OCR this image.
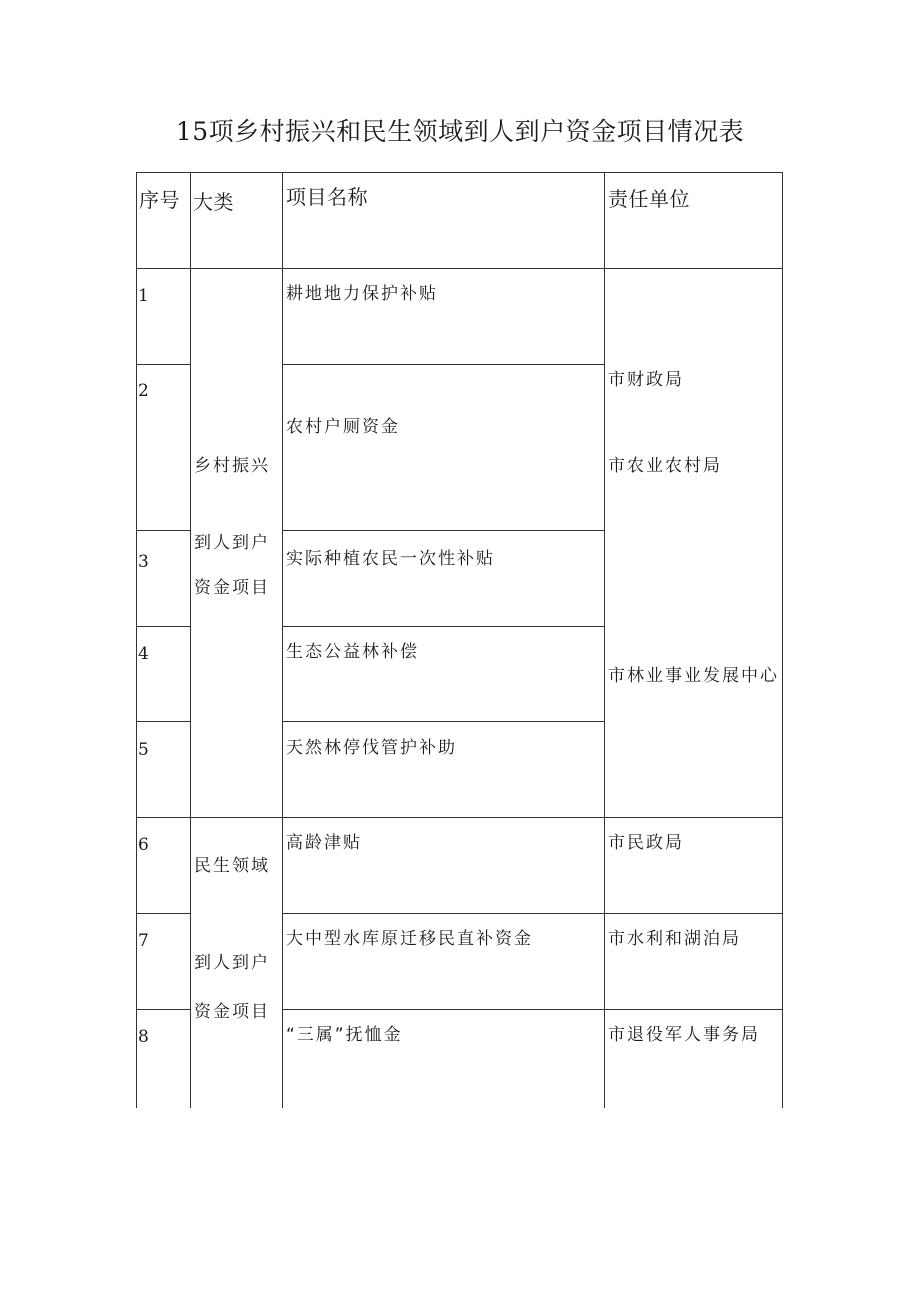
15项乡村振兴和民生领域到人到户资金项目情况表
序号 大类	项目名称	责任单位
1
2
3
4
5
6
7
8
乡村振兴
到人到户
资金项目
民生领域
到人到户
资金项目
耕地地力保护补贴
农村户厕资金
实际种植农民一次性补贴
生态公益林补偿
天然林停伐管护补助
高龄津贴
大中型水库原迁移民直补资金
“三属”抚恤金
市财政局
市农业农村局
市林业事业发展中心
市民政局
市水利和湖泊局
市退役军人事务局
